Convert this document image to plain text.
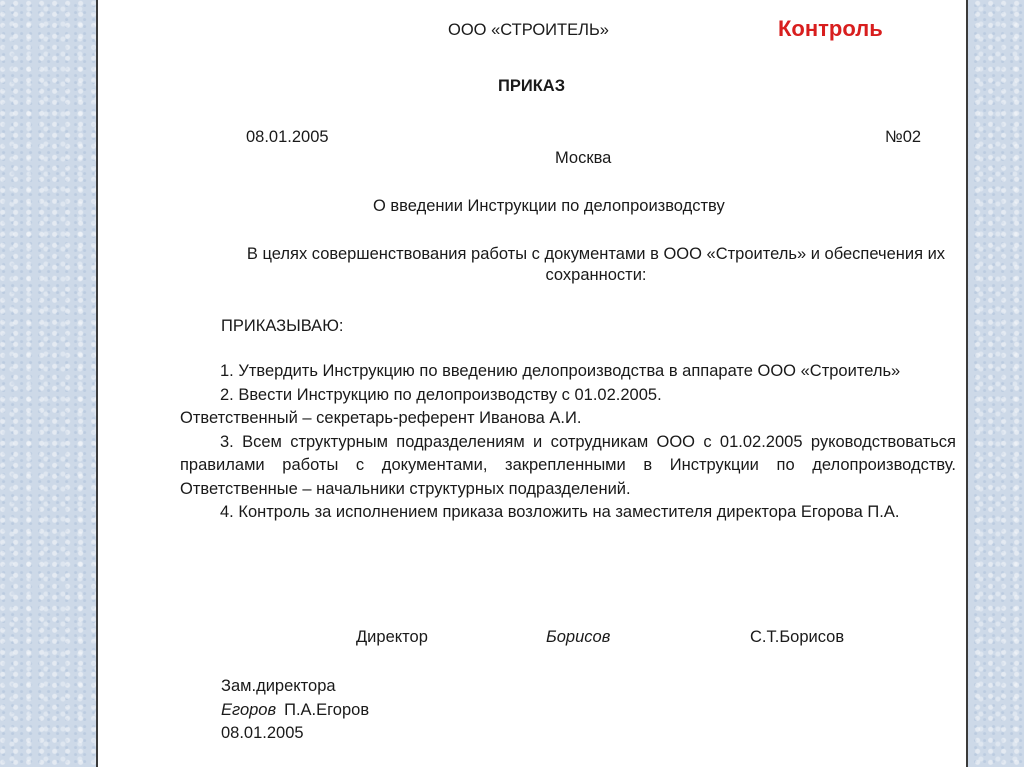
ООО «СТРОИТЕЛЬ»	Контроль
ПРИКАЗ
08.01.2005	№02
Москва
О введении Инструкции по делопроизводству
В целях совершенствования работы с документами в ООО «Строитель» и обеспечения их сохранности:
ПРИКАЗЫВАЮ:

1. Утвердить Инструкцию по введению делопроизводства в аппарате ООО «Строитель»

2. Ввести Инструкцию по делопроизводству с 01.02.2005.

Ответственный – секретарь-референт Иванова А.И.

3. Всем структурным подразделениям и сотрудникам ООО с 01.02.2005 руководствоваться правилами работы с документами, закрепленными в Инструкции по делопроизводству. Ответственные – начальники структурных подразделений.

4. Контроль за исполнением приказа возложить на заместителя директора Егорова П.А.

Директор	Борисов	С.Т.Борисов
Зам.директора
Егоров П.А.Егоров
08.01.2005
